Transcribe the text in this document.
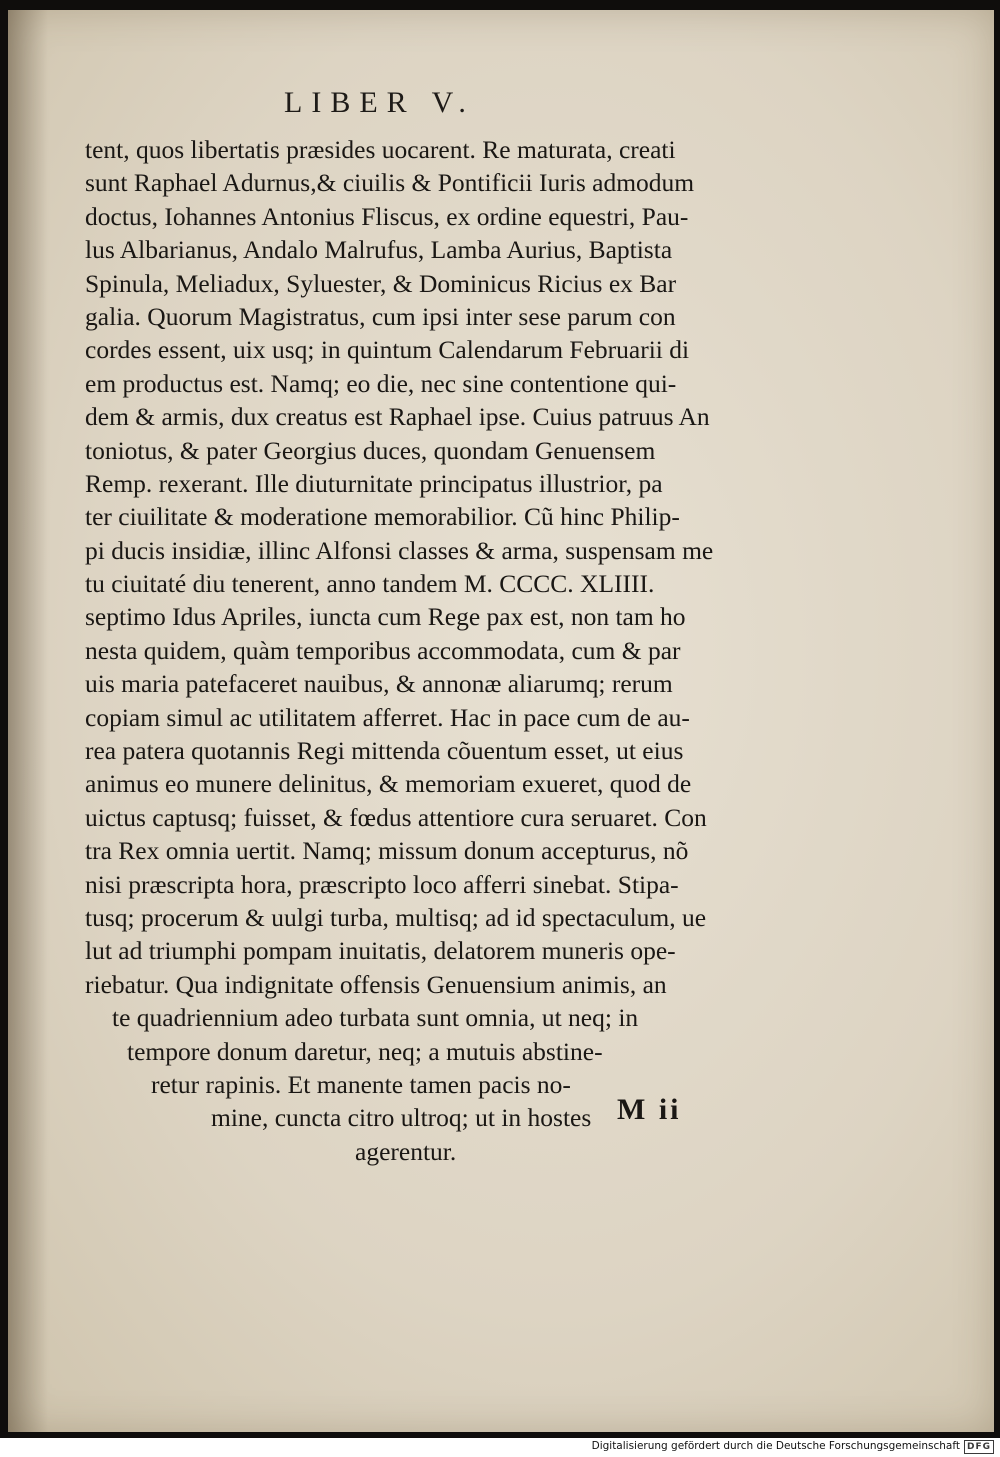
LIBER V.
tent, quos libertatis præsides uocarent. Re maturata, creati
sunt Raphael Adurnus,& ciuilis & Pontificii Iuris admodum
doctus, Iohannes Antonius Fliscus, ex ordine equestri, Pau-
lus Albarianus, Andalo Malrufus, Lamba Aurius, Baptista
Spinula, Meliadux, Syluester, & Dominicus Ricius ex Bar
galia. Quorum Magistratus, cum ipsi inter sese parum con
cordes essent, uix usq; in quintum Calendarum Februarii di
em productus est. Namq; eo die, nec sine contentione qui-
dem & armis, dux creatus est Raphael ipse. Cuius patruus An
toniotus, & pater Georgius duces, quondam Genuensem
Remp. rexerant. Ille diuturnitate principatus illustrior, pa
ter ciuilitate & moderatione memorabilior. Cũ hinc Philip-
pi ducis insidiæ, illinc Alfonsi classes & arma, suspensam me
tu ciuitaté diu tenerent, anno tandem M. CCCC. XLIIII.
septimo Idus Apriles, iuncta cum Rege pax est, non tam ho
nesta quidem, quàm temporibus accommodata, cum & par
uis maria patefaceret nauibus, & annonæ aliarumq; rerum
copiam simul ac utilitatem afferret. Hac in pace cum de au-
rea patera quotannis Regi mittenda cõuentum esset, ut eius
animus eo munere delinitus, & memoriam exueret, quod de
uictus captusq; fuisset, & fœdus attentiore cura seruaret. Con
tra Rex omnia uertit. Namq; missum donum accepturus, nõ
nisi præscripta hora, præscripto loco afferri sinebat. Stipa-
tusq; procerum & uulgi turba, multisq; ad id spectaculum, ue
lut ad triumphi pompam inuitatis, delatorem muneris ope-
riebatur. Qua indignitate offensis Genuensium animis, an
te quadriennium adeo turbata sunt omnia, ut neq; in
tempore donum daretur, neq; a mutuis abstine-
retur rapinis. Et manente tamen pacis no-
mine, cuncta citro ultroq; ut in hostes
agerentur.
M ii
Digitalisierung gefördert durch die Deutsche Forschungsgemeinschaft DFG
